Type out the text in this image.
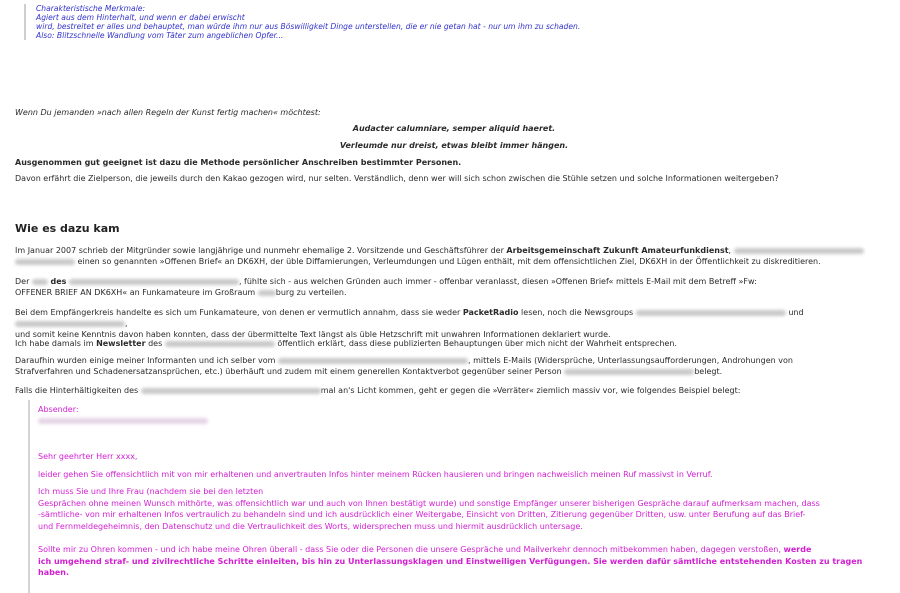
Charakteristische Merkmale:
Agiert aus dem Hinterhalt, und wenn er dabei erwischt
wird, bestreitet er alles und behauptet, man würde ihm nur aus Böswilligkeit Dinge unterstellen, die er nie getan hat - nur um ihm zu schaden.
Also: Blitzschnelle Wandlung vom Täter zum angeblichen Opfer...
Wenn Du jemanden »nach allen Regeln der Kunst fertig machen« möchtest:
Audacter calumniare, semper aliquid haeret.
Verleumde nur dreist, etwas bleibt immer hängen.
Ausgenommen gut geeignet ist dazu die Methode persönlicher Anschreiben bestimmter Personen.
Davon erfährt die Zielperson, die jeweils durch den Kakao gezogen wird, nur selten. Verständlich, denn wer will sich schon zwischen die Stühle setzen und solche Informationen weitergeben?
Wie es dazu kam
Im Januar 2007 schrieb der Mitgründer sowie langjährige und nunmehr ehemalige 2. Vorsitzende und Geschäftsführer der Arbeitsgemeinschaft Zukunft Amateurfunkdienst,
einen so genannten »Offenen Brief« an DK6XH, der üble Diffamierungen, Verleumdungen und Lügen enthält, mit dem offensichtlichen Ziel, DK6XH in der Öffentlichkeit zu diskreditieren.
Der  des	, fühlte sich - aus welchen Gründen auch immer - offenbar veranlasst, diesen »Offenen Brief« mittels E-Mail mit dem Betreff »Fw:
OFFENER BRIEF AN DK6XH« an Funkamateure im Großraum	burg zu verteilen.
Bei dem Empfängerkreis handelte es sich um Funkamateure, von denen er vermutlich annahm, dass sie weder PacketRadio lesen, noch die Newsgroups	und ,
und somit keine Kenntnis davon haben konnten, dass der übermittelte Text längst als üble Hetzschrift mit unwahren Informationen deklariert wurde.
Ich habe damals im Newsletter des	öffentlich erklärt, dass diese publizierten Behauptungen über mich nicht der Wahrheit entsprechen.
Daraufhin wurden einige meiner Informanten und ich selber vom	, mittels E-Mails (Widersprüche, Unterlassungsaufforderungen, Androhungen von
Strafverfahren und Schadenersatzansprüchen, etc.) überhäuft und zudem mit einem generellen Kontaktverbot gegenüber seiner Person	belegt.
Falls die Hinterhältigkeiten des	mal an's Licht kommen, geht er gegen die »Verräter« ziemlich massiv vor, wie folgendes Beispiel belegt:

Absender:

Sehr geehrter Herr xxxx,

leider gehen Sie offensichtlich mit von mir erhaltenen und anvertrauten Infos hinter meinem Rücken hausieren und bringen nachweislich meinen Ruf massivst in Verruf.

Ich muss Sie und Ihre Frau (nachdem sie bei den letzten

Gesprächen ohne meinen Wunsch mithörte, was offensichtlich war und auch von Ihnen bestätigt wurde) und sonstige Empfänger unserer bisherigen Gespräche darauf aufmerksam machen, dass

-sämtliche- von mir erhaltenen Infos vertraulich zu behandeln sind und ich ausdrücklich einer Weitergabe, Einsicht von Dritten, Zitierung gegenüber Dritten, usw. unter Berufung auf das Brief-

und Fernmeldegeheimnis, den Datenschutz und die Vertraulichkeit des Worts, widersprechen muss und hiermit ausdrücklich untersage.

Sollte mir zu Ohren kommen - und ich habe meine Ohren überall - dass Sie oder die Personen die unsere Gespräche und Mailverkehr dennoch mitbekommen haben, dagegen verstoßen, werde

ich umgehend straf- und zivilrechtliche Schritte einleiten, bis hin zu Unterlassungsklagen und Einstweiligen Verfügungen. Sie werden dafür sämtliche entstehenden Kosten zu tragen

haben.
